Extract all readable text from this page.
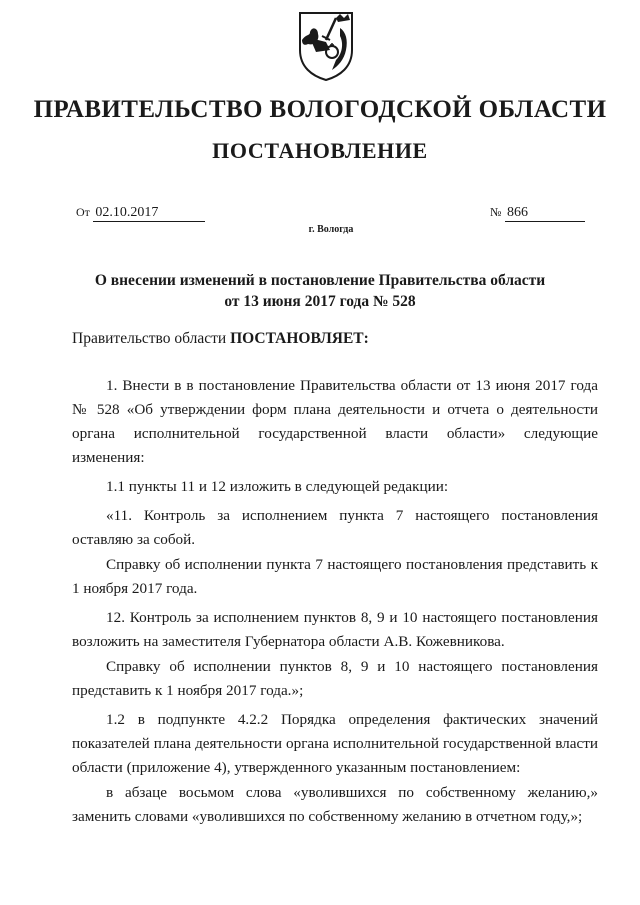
ПРАВИТЕЛЬСТВО ВОЛОГОДСКОЙ ОБЛАСТИ
ПОСТАНОВЛЕНИЕ
От 02.10.2017	№ 866
г. Вологда
О внесении изменений в постановление Правительства области
от 13 июня 2017 года № 528
Правительство области ПОСТАНОВЛЯЕТ:

1. Внести в в постановление Правительства области от 13 июня 2017 года № 528 «Об утверждении форм плана деятельности и отчета о деятельности органа исполнительной государственной власти области» следующие изменения:

1.1 пункты 11 и 12 изложить в следующей редакции:

«11. Контроль за исполнением пункта 7 настоящего постановления оставляю за собой.

Справку об исполнении пункта 7 настоящего постановления представить к 1 ноября 2017 года.

12. Контроль за исполнением пунктов 8, 9 и 10 настоящего постановления возложить на заместителя Губернатора области А.В. Кожевникова.

Справку об исполнении пунктов 8, 9 и 10 настоящего постановления представить к 1 ноября 2017 года.»;

1.2 в подпункте 4.2.2 Порядка определения фактических значений показателей плана деятельности органа исполнительной государственной власти области (приложение 4), утвержденного указанным постановлением:

в абзаце восьмом слова «уволившихся по собственному желанию,» заменить словами «уволившихся по собственному желанию в отчетном году,»;
